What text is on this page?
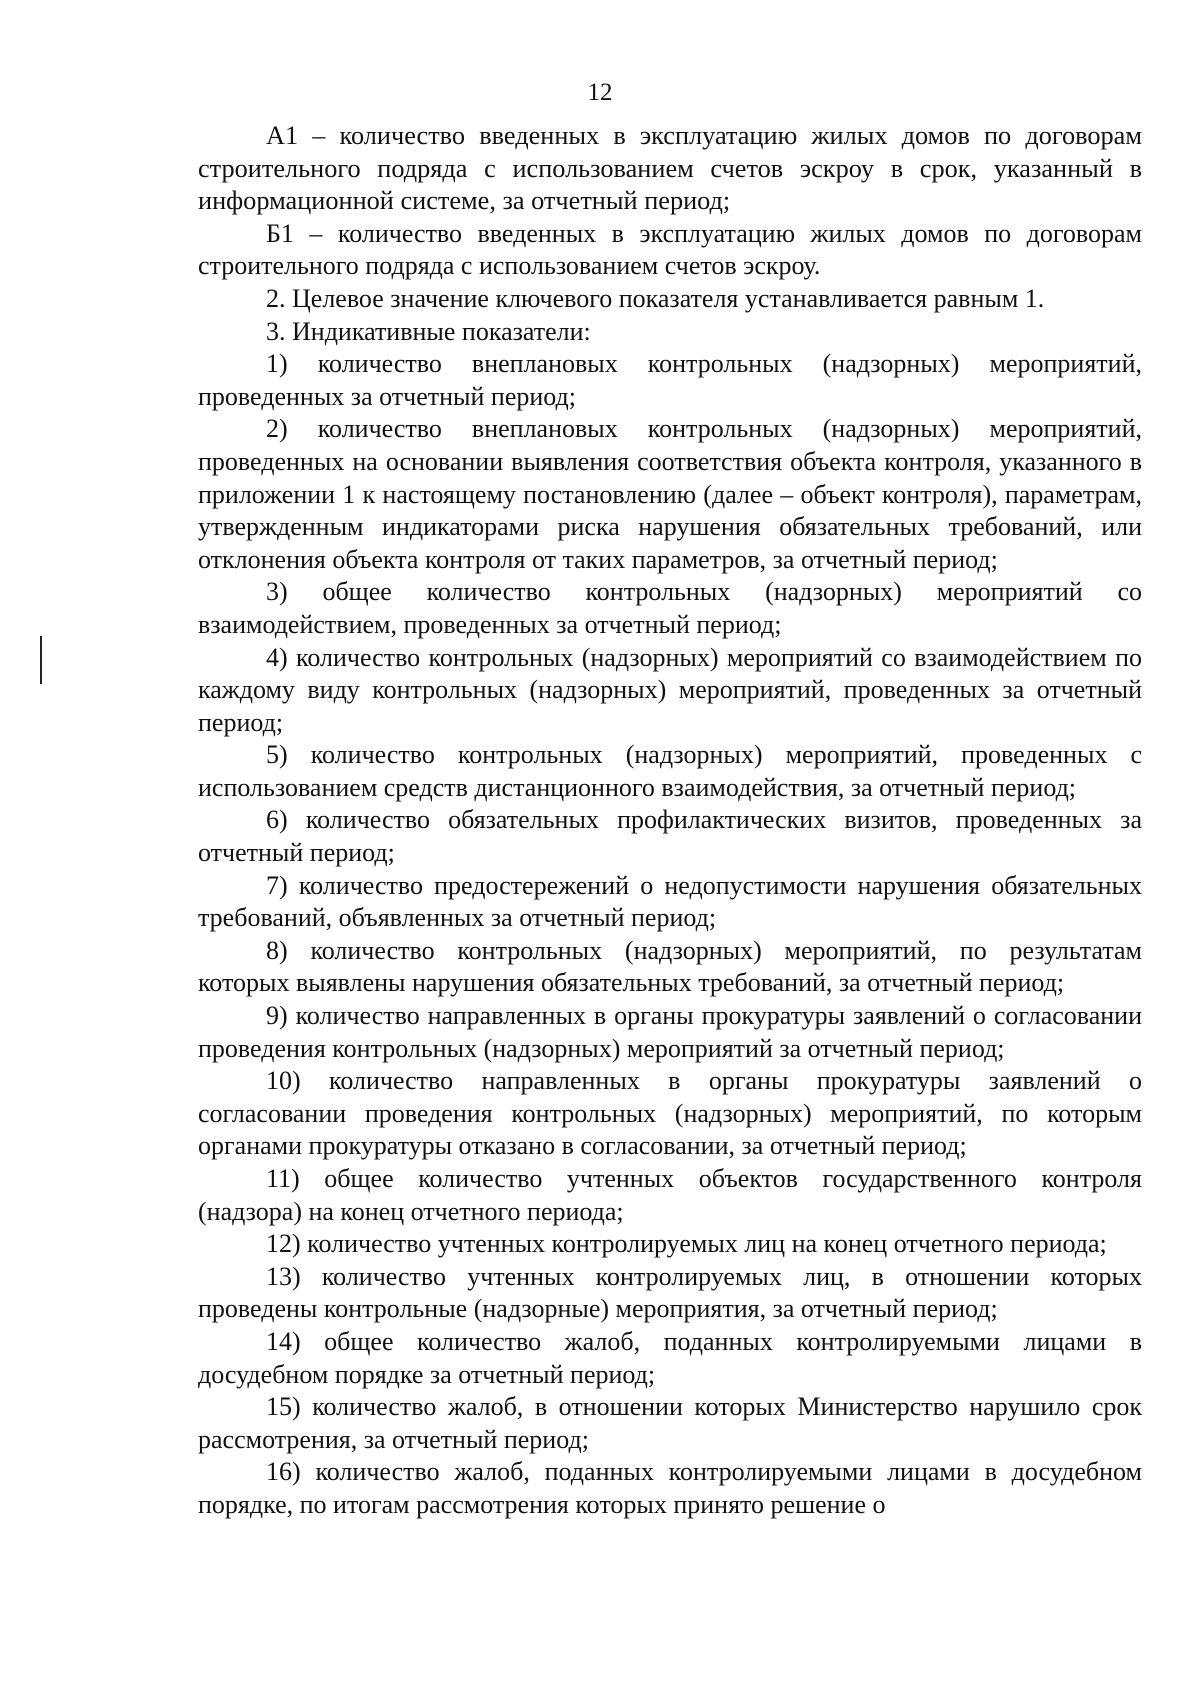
12

А1 – количество введенных в эксплуатацию жилых домов по договорам строительного подряда с использованием счетов эскроу в срок, указанный в информационной системе, за отчетный период;

Б1 – количество введенных в эксплуатацию жилых домов по договорам строительного подряда с использованием счетов эскроу.

2. Целевое значение ключевого показателя устанавливается равным 1.

3. Индикативные показатели:

1) количество внеплановых контрольных (надзорных) мероприятий, проведенных за отчетный период;

2) количество внеплановых контрольных (надзорных) мероприятий, проведенных на основании выявления соответствия объекта контроля, указанного в приложении 1 к настоящему постановлению (далее – объект контроля), параметрам, утвержденным индикаторами риска нарушения обязательных требований, или отклонения объекта контроля от таких параметров, за отчетный период;

3) общее количество контрольных (надзорных) мероприятий со взаимодействием, проведенных за отчетный период;

4) количество контрольных (надзорных) мероприятий со взаимодействием по каждому виду контрольных (надзорных) мероприятий, проведенных за отчетный период;

5) количество контрольных (надзорных) мероприятий, проведенных с использованием средств дистанционного взаимодействия, за отчетный период;

6) количество обязательных профилактических визитов, проведенных за отчетный период;

7) количество предостережений о недопустимости нарушения обязательных требований, объявленных за отчетный период;

8) количество контрольных (надзорных) мероприятий, по результатам которых выявлены нарушения обязательных требований, за отчетный период;

9) количество направленных в органы прокуратуры заявлений о согласовании проведения контрольных (надзорных) мероприятий за отчетный период;

10) количество направленных в органы прокуратуры заявлений о согласовании проведения контрольных (надзорных) мероприятий, по которым органами прокуратуры отказано в согласовании, за отчетный период;

11) общее количество учтенных объектов государственного контроля (надзора) на конец отчетного периода;

12) количество учтенных контролируемых лиц на конец отчетного периода;

13) количество учтенных контролируемых лиц, в отношении которых проведены контрольные (надзорные) мероприятия, за отчетный период;

14) общее количество жалоб, поданных контролируемыми лицами в досудебном порядке за отчетный период;

15) количество жалоб, в отношении которых Министерство нарушило срок рассмотрения, за отчетный период;

16) количество жалоб, поданных контролируемыми лицами в досудебном порядке, по итогам рассмотрения которых принято решение о
